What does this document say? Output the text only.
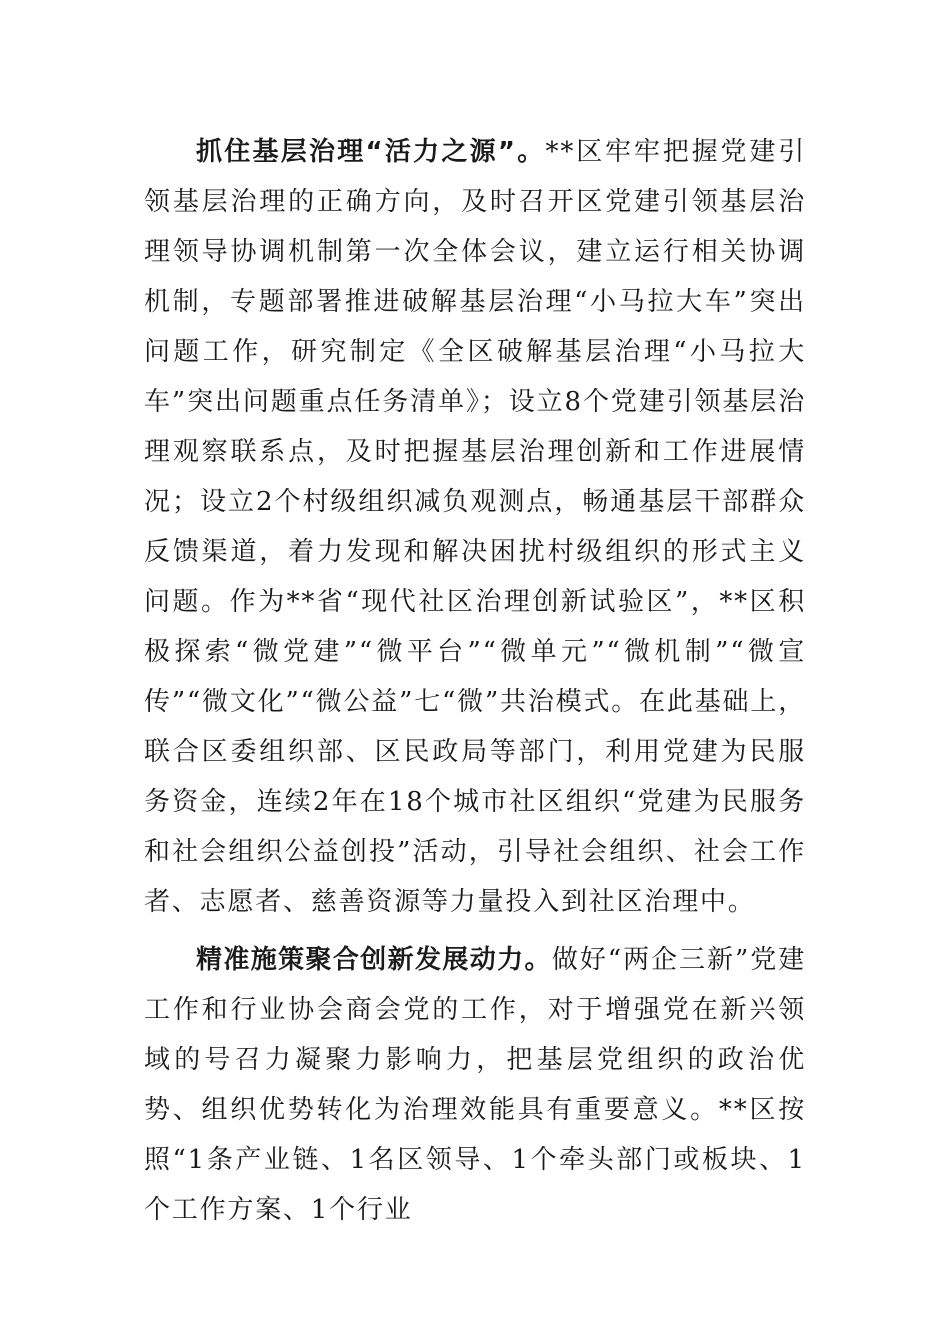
抓住基层治理“活力之源”。**区牢牢把握党建引领基层治理的正确方向，及时召开区党建引领基层治理领导协调机制第一次全体会议，建立运行相关协调机制，专题部署推进破解基层治理“小马拉大车”突出问题工作，研究制定《全区破解基层治理“小马拉大车”突出问题重点任务清单》；设立8个党建引领基层治理观察联系点，及时把握基层治理创新和工作进展情况；设立2个村级组织减负观测点，畅通基层干部群众反馈渠道，着力发现和解决困扰村级组织的形式主义问题。作为**省“现代社区治理创新试验区”，**区积极探索“微党建”“微平台”“微单元”“微机制”“微宣传”“微文化”“微公益”七“微”共治模式。在此基础上，联合区委组织部、区民政局等部门，利用党建为民服务资金，连续2年在18个城市社区组织“党建为民服务和社会组织公益创投”活动，引导社会组织、社会工作者、志愿者、慈善资源等力量投入到社区治理中。

精准施策聚合创新发展动力。做好“两企三新”党建工作和行业协会商会党的工作，对于增强党在新兴领域的号召力凝聚力影响力，把基层党组织的政治优势、组织优势转化为治理效能具有重要意义。**区按照“1条产业链、1名区领导、1个牵头部门或板块、1个工作方案、1个行业
